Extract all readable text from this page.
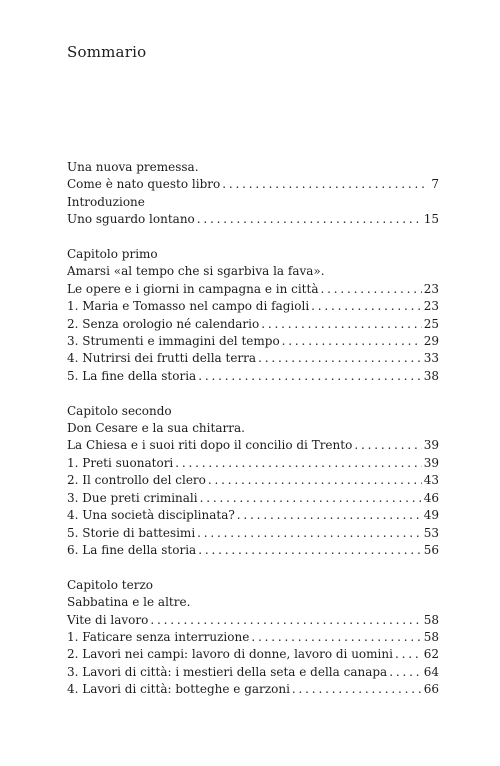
Sommario
Una nuova premessa.
Come è nato questo libro . . .	7
Introduzione
Uno sguardo lontano . . .	15
Capitolo primo
Amarsi «al tempo che si sgarbiva la fava».
Le opere e i giorni in campagna e in città . . .	23
1. Maria e Tomasso nel campo di fagioli . . .	23
2. Senza orologio né calendario . . .	25
3. Strumenti e immagini del tempo . . .	29
4. Nutrirsi dei frutti della terra . . .	33
5. La fine della storia . . .	38
Capitolo secondo
Don Cesare e la sua chitarra.
La Chiesa e i suoi riti dopo il concilio di Trento . . .	39
1. Preti suonatori . . .	39
2. Il controllo del clero . . .	43
3. Due preti criminali . . .	46
4. Una società disciplinata? . . .	49
5. Storie di battesimi . . .	53
6. La fine della storia . . .	56
Capitolo terzo
Sabbatina e le altre.
Vite di lavoro . . .	58
1. Faticare senza interruzione . . .	58
2. Lavori nei campi: lavoro di donne, lavoro di uomini . . .	62
3. Lavori di città: i mestieri della seta e della canapa . . .	64
4. Lavori di città: botteghe e garzoni . . .	66
